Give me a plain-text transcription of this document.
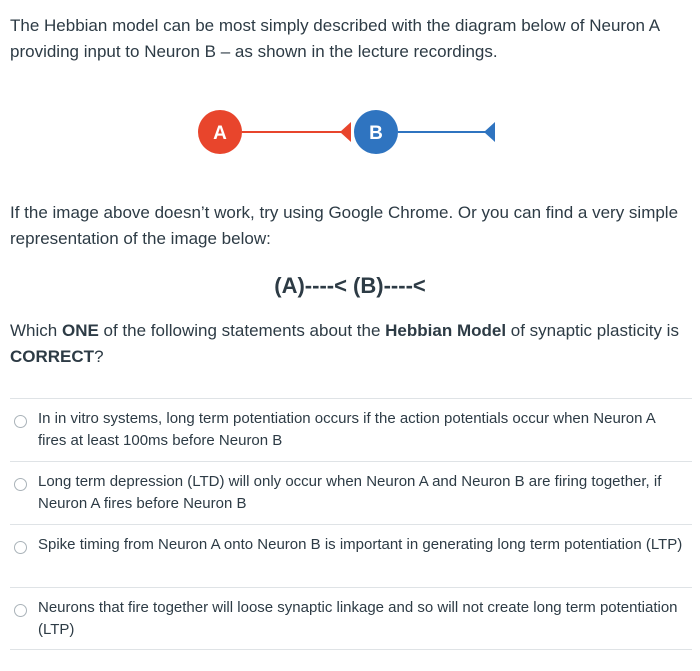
The Hebbian model can be most simply described with the diagram below of Neuron A providing input to Neuron B – as shown in the lecture recordings.

A	B

If the image above doesn’t work, try using Google Chrome. Or you can find a very simple representation of the image below:

(A)----< (B)----<

Which ONE of the following statements about the Hebbian Model of synaptic plasticity is CORRECT?

In in vitro systems, long term potentiation occurs if the action potentials occur when Neuron A fires at least 100ms before Neuron B
Long term depression (LTD) will only occur when Neuron A and Neuron B are firing together, if Neuron A fires before Neuron B
Spike timing from Neuron A onto Neuron B is important in generating long term potentiation (LTP)
Neurons that fire together will loose synaptic linkage and so will not create long term potentiation (LTP)
